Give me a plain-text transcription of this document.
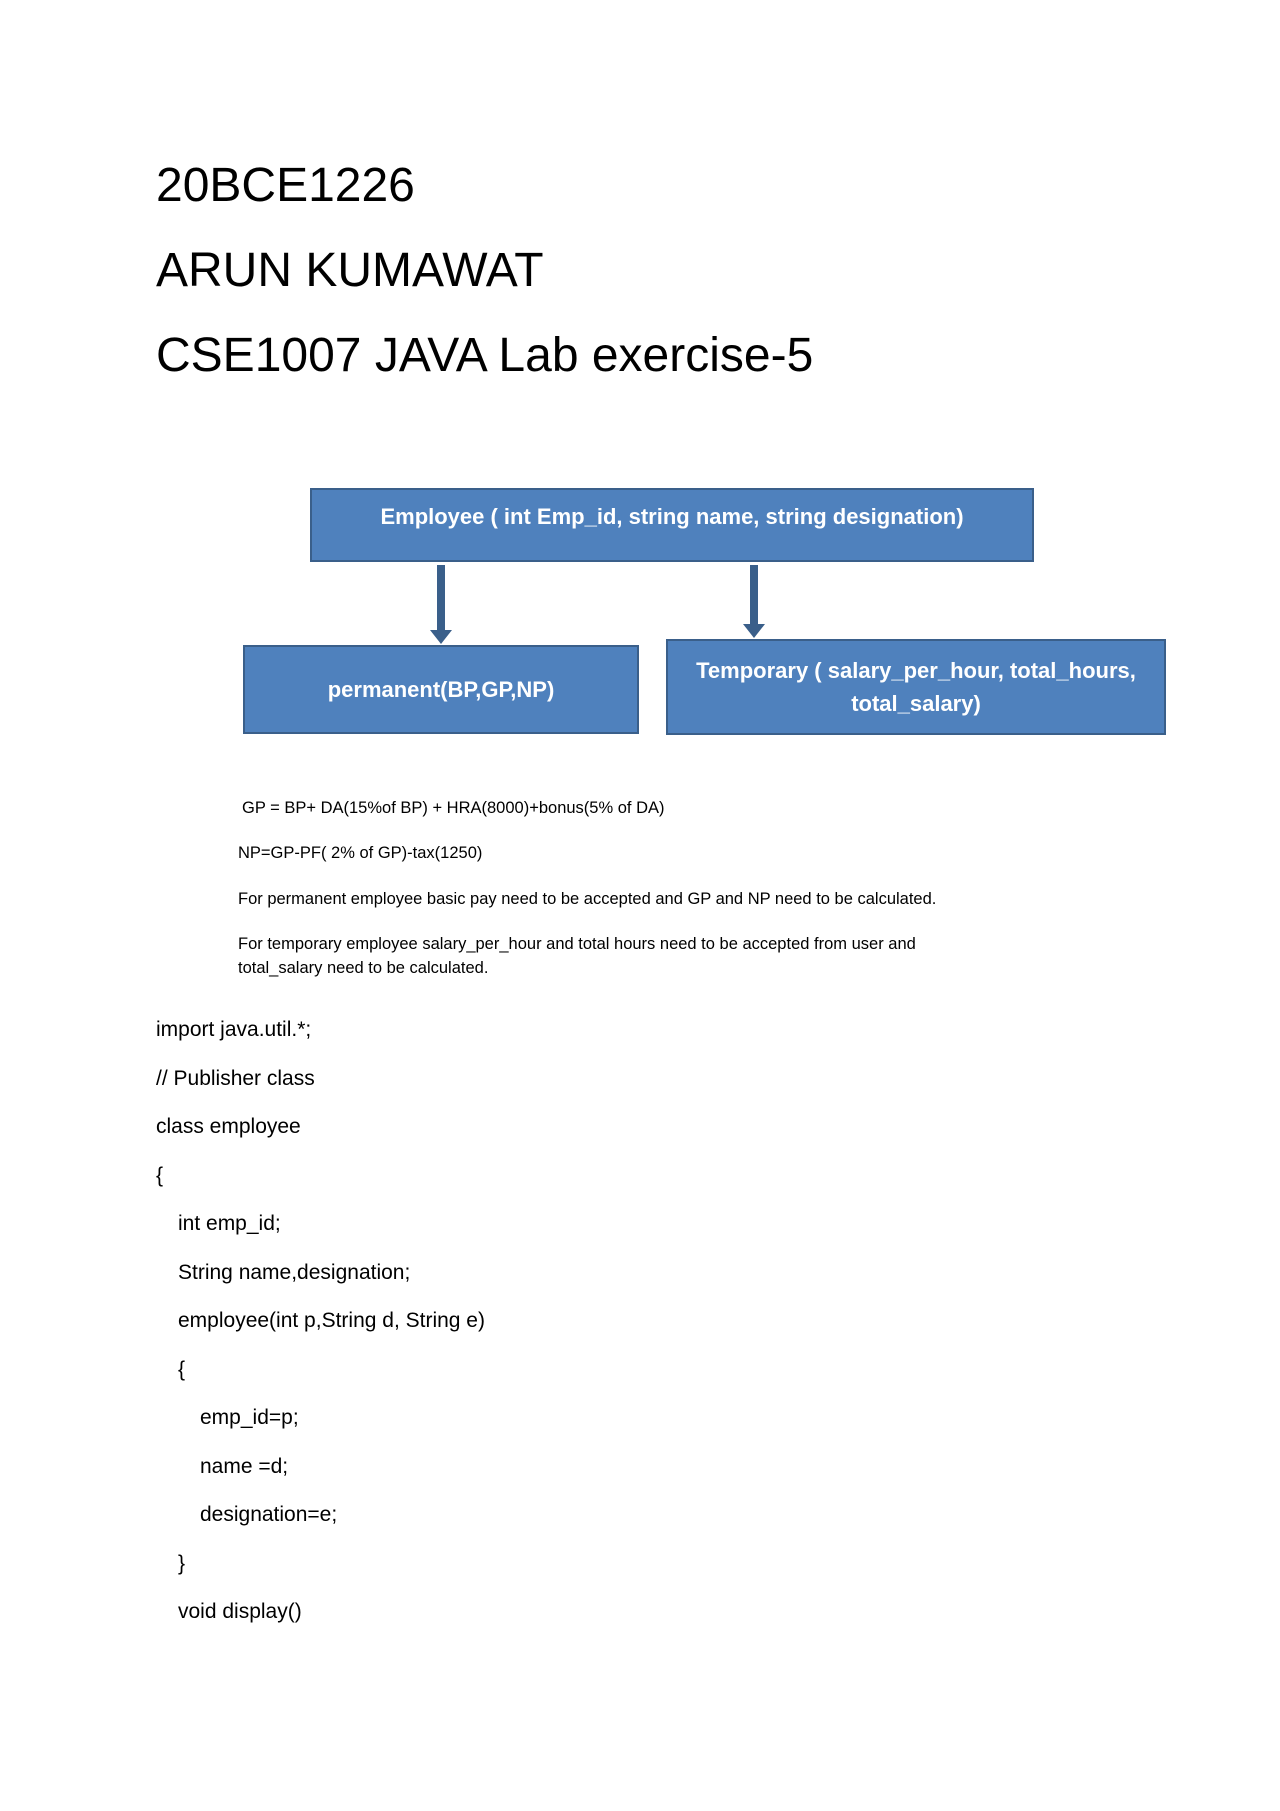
20BCE1226
ARUN KUMAWAT
CSE1007 JAVA Lab exercise-5
Employee ( int Emp_id, string name, string designation)
permanent(BP,GP,NP)
Temporary ( salary_per_hour, total_hours,
total_salary)
GP = BP+ DA(15%of BP) + HRA(8000)+bonus(5% of DA)
NP=GP-PF( 2% of GP)-tax(1250)
For permanent employee basic pay need to be accepted and GP and NP need to be calculated.
For temporary employee salary_per_hour and total hours need to be accepted from user and
total_salary need to be calculated.
import java.util.*;
// Publisher class
class employee
{
int emp_id;
String name,designation;
employee(int p,String d, String e)
{
emp_id=p;
name =d;
designation=e;
}
void display()
